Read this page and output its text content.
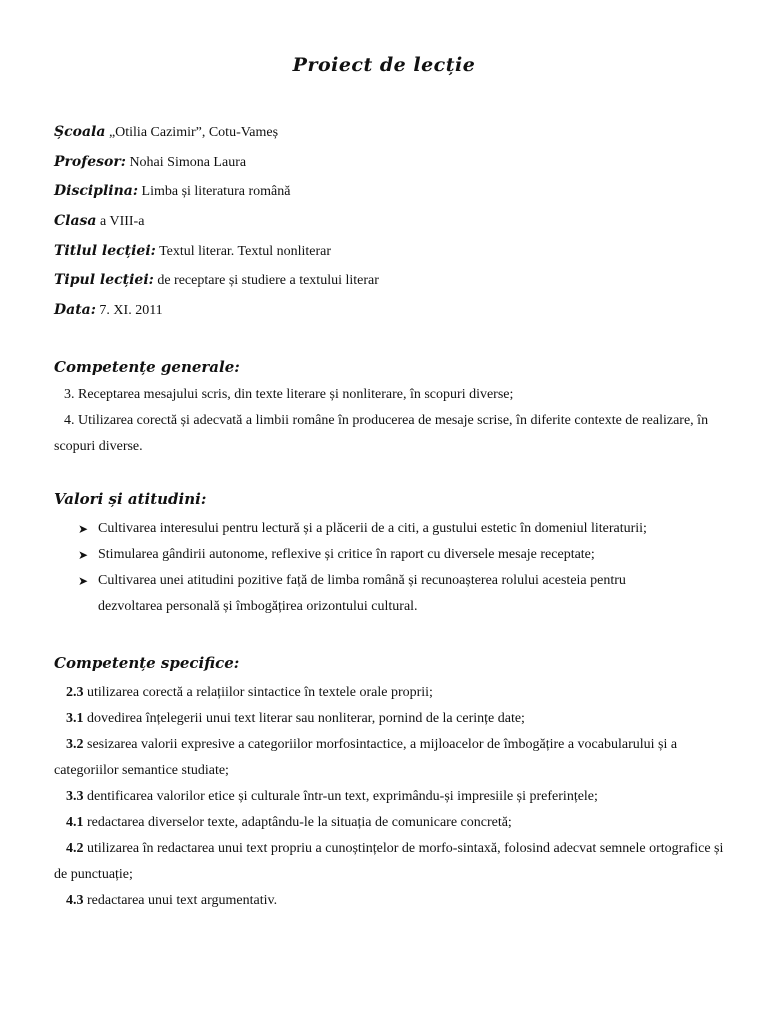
Proiect de lecție
Școala „Otilia Cazimir”, Cotu-Vameș
Profesor: Nohai Simona Laura
Disciplina: Limba și literatura română
Clasa a VIII-a
Titlul lecției: Textul literar. Textul nonliterar
Tipul lecției: de receptare și studiere a textului literar
Data: 7. XI. 2011
Competențe generale:
3. Receptarea mesajului scris, din texte literare și nonliterare, în scopuri diverse;
4. Utilizarea corectă și adecvată a limbii române în producerea de mesaje scrise, în diferite contexte de realizare, în scopuri diverse.
Valori și atitudini:
➤ Cultivarea interesului pentru lectură și a plăcerii de a citi, a gustului estetic în domeniul literaturii;
➤ Stimularea gândirii autonome, reflexive și critice în raport cu diversele mesaje receptate;
➤ Cultivarea unei atitudini pozitive față de limba română și recunoașterea rolului acesteia pentru dezvoltarea personală și îmbogățirea orizontului cultural.
Competențe specifice:
2.3 utilizarea corectă a relațiilor sintactice în textele orale proprii;
3.1 dovedirea înțelegerii unui text literar sau nonliterar, pornind de la cerințe date;
3.2 sesizarea valorii expresive a categoriilor morfosintactice, a mijloacelor de îmbogățire a vocabularului și a categoriilor semantice studiate;
3.3 dentificarea valorilor etice și culturale într-un text, exprimându-și impresiile și preferințele;
4.1 redactarea diverselor texte, adaptându-le la situația de comunicare concretă;
4.2 utilizarea în redactarea unui text propriu a cunoștințelor de morfo-sintaxă, folosind adecvat semnele ortografice și de punctuație;
4.3 redactarea unui text argumentativ.
